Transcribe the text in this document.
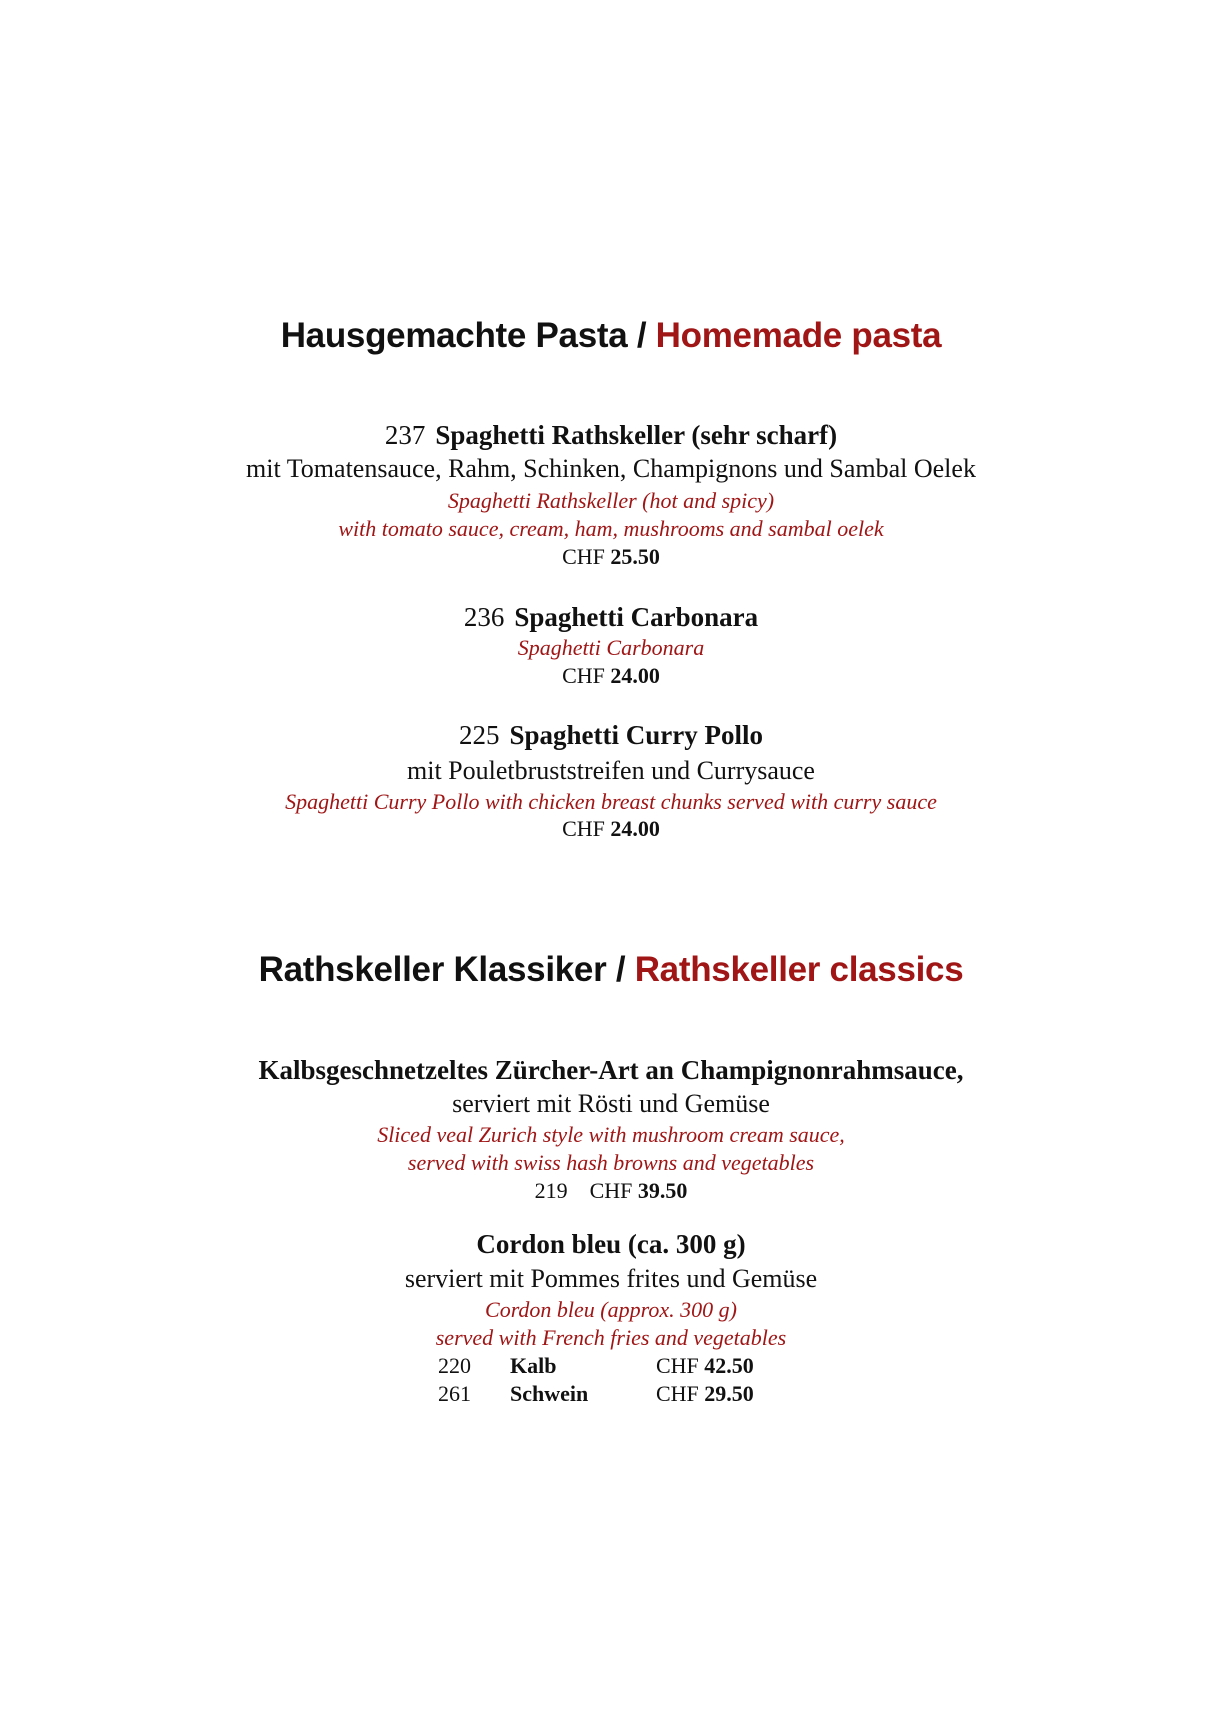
Hausgemachte Pasta / Homemade pasta
237 Spaghetti Rathskeller (sehr scharf)
mit Tomatensauce, Rahm, Schinken, Champignons und Sambal Oelek
Spaghetti Rathskeller (hot and spicy)
with tomato sauce, cream, ham, mushrooms and sambal oelek
CHF 25.50
236 Spaghetti Carbonara
Spaghetti Carbonara
CHF 24.00
225 Spaghetti Curry Pollo
mit Pouletbruststreifen und Currysauce
Spaghetti Curry Pollo with chicken breast chunks served with curry sauce
CHF 24.00
Rathskeller Klassiker / Rathskeller classics
Kalbsgeschnetzeltes Zürcher-Art an Champignonrahmsauce,
serviert mit Rösti und Gemüse
Sliced veal Zurich style with mushroom cream sauce,
served with swiss hash browns and vegetables
219 CHF 39.50
Cordon bleu (ca. 300 g)
serviert mit Pommes frites und Gemüse
Cordon bleu (approx. 300 g)
served with French fries and vegetables
220 Kalb	CHF 42.50
261 Schwein	CHF 29.50
